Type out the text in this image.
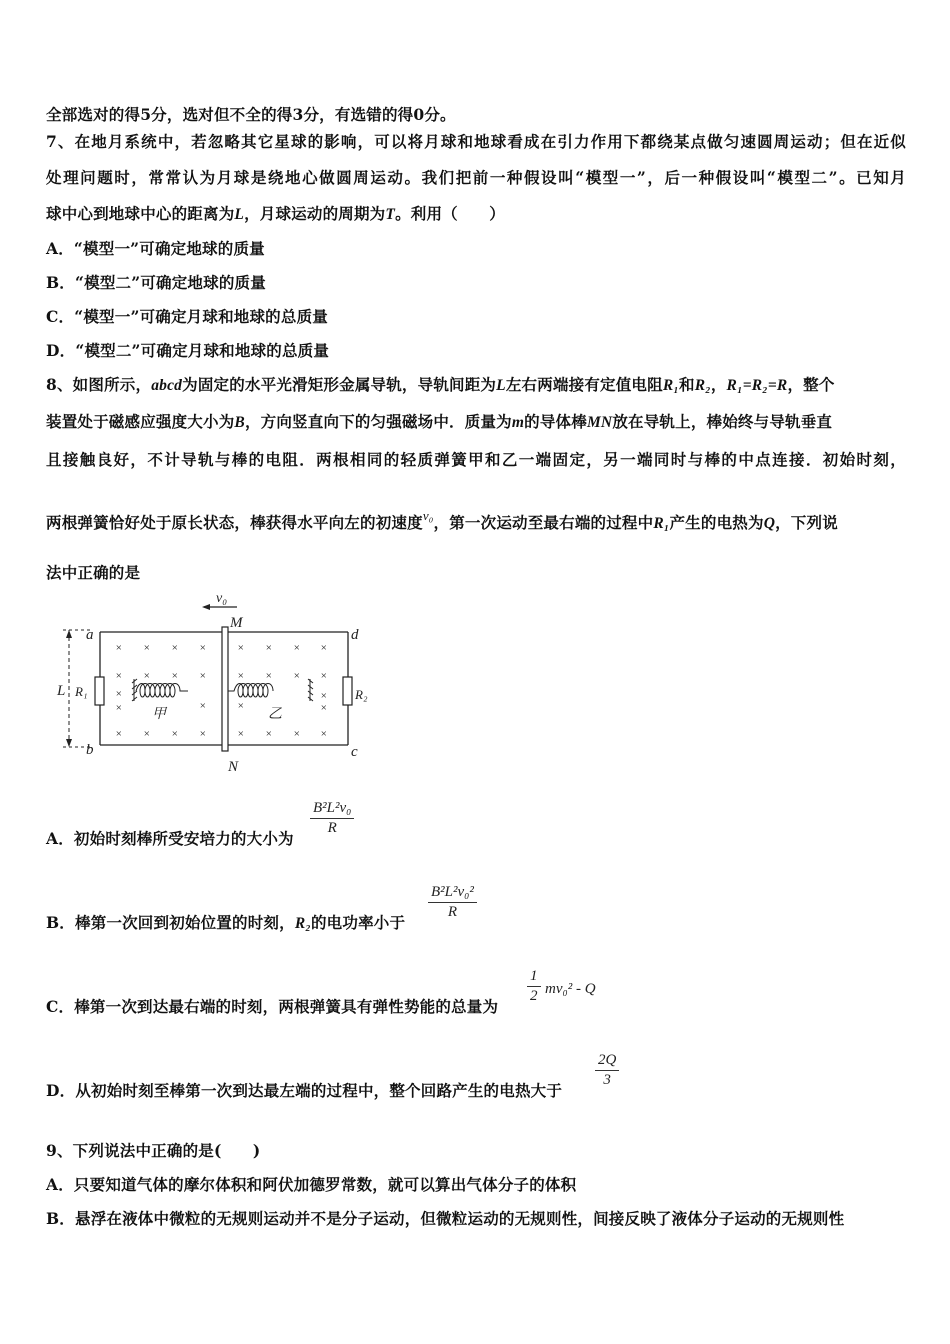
全部选对的得5分，选对但不全的得3分，有选错的得0分。
7、在地月系统中，若忽略其它星球的影响，可以将月球和地球看成在引力作用下都绕某点做匀速圆周运动；但在近似
处理问题时，常常认为月球是绕地心做圆周运动。我们把前一种假设叫“模型一”，后一种假设叫“模型二”。已知月
球中心到地球中心的距离为L，月球运动的周期为T。利用（　　）
A．“模型一”可确定地球的质量
B．“模型二”可确定地球的质量
C．“模型一”可确定月球和地球的总质量
D．“模型二”可确定月球和地球的总质量
8、如图所示，abcd为固定的水平光滑矩形金属导轨，导轨间距为L左右两端接有定值电阻R₁和R₂，R₁=R₂=R，整个
装置处于磁感应强度大小为B，方向竖直向下的匀强磁场中．质量为m的导体棒MN放在导轨上，棒始终与导轨垂直
且接触良好，不计导轨与棒的电阻．两根相同的轻质弹簧甲和乙一端固定，另一端同时与棒的中点连接．初始时刻，
两根弹簧恰好处于原长状态，棒获得水平向左的初速度$^{v_0}$，第一次运动至最右端的过程中R₁产生的电热为Q，下列说
法中正确的是
v₀
M
N
a
b
d
c
L R₁	R₂
甲	乙
× × × ×	× × × ×
× × × ×	× × × ×
×	×
×	×	×	×
× × × ×	× × × ×
A．初始时刻棒所受安培力的大小为
$\frac{\text{B²L²v₀}}{R}$
B．棒第一次回到初始位置的时刻，R₂的电功率小于
$\frac{\text{B²L²v₀²}}{R}$
C．棒第一次到达最右端的时刻，两根弹簧具有弹性势能的总量为
$\frac{1}{2} mv_0^2$ - Q
D．从初始时刻至棒第一次到达最左端的过程中，整个回路产生的电热大于
$\frac{2Q}{3}$
9、下列说法中正确的是(　　)
A．只要知道气体的摩尔体积和阿伏加德罗常数，就可以算出气体分子的体积
B．悬浮在液体中微粒的无规则运动并不是分子运动，但微粒运动的无规则性，间接反映了液体分子运动的无规则性
